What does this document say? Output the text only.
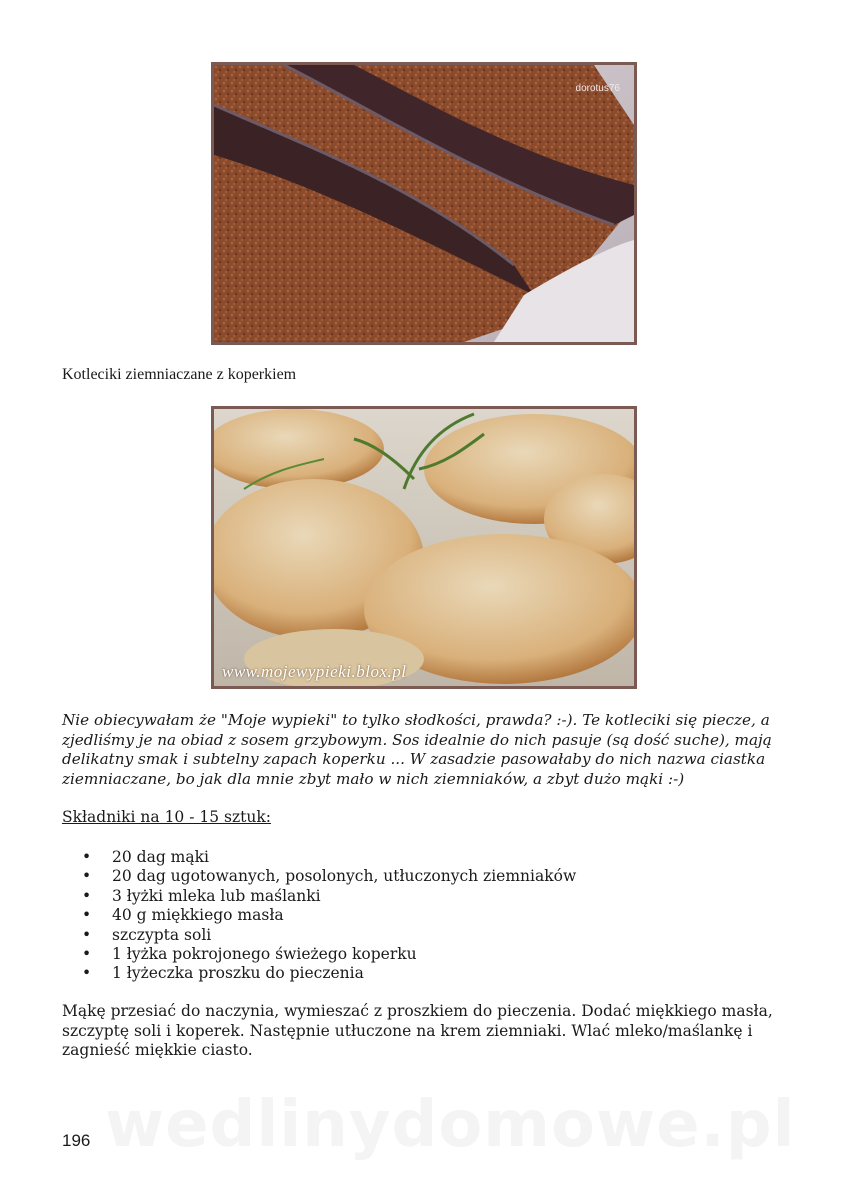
dorotus76
Kotleciki ziemniaczane z koperkiem
www.mojewypieki.blox.pl

Nie obiecywałam że "Moje wypieki" to tylko słodkości, prawda? :-). Te kotleciki się piecze, a zjedliśmy je na obiad z sosem grzybowym. Sos idealnie do nich pasuje (są dość suche), mają delikatny smak i subtelny zapach koperku ... W zasadzie pasowałaby do nich nazwa ciastka ziemniaczane, bo jak dla mnie zbyt mało w nich ziemniaków, a zbyt dużo mąki :-)

Składniki na 10 - 15 sztuk:

• 20 dag mąki
• 20 dag ugotowanych, posolonych, utłuczonych ziemniaków
• 3 łyżki mleka lub maślanki
• 40 g miękkiego masła
• szczypta soli
• 1 łyżka pokrojonego świeżego koperku
• 1 łyżeczka proszku do pieczenia

Mąkę przesiać do naczynia, wymieszać z proszkiem do pieczenia. Dodać miękkiego masła, szczyptę soli i koperek. Następnie utłuczone na krem ziemniaki. Wlać mleko/maślankę i zagnieść miękkie ciasto.

wedlinydomowe.pl
196
